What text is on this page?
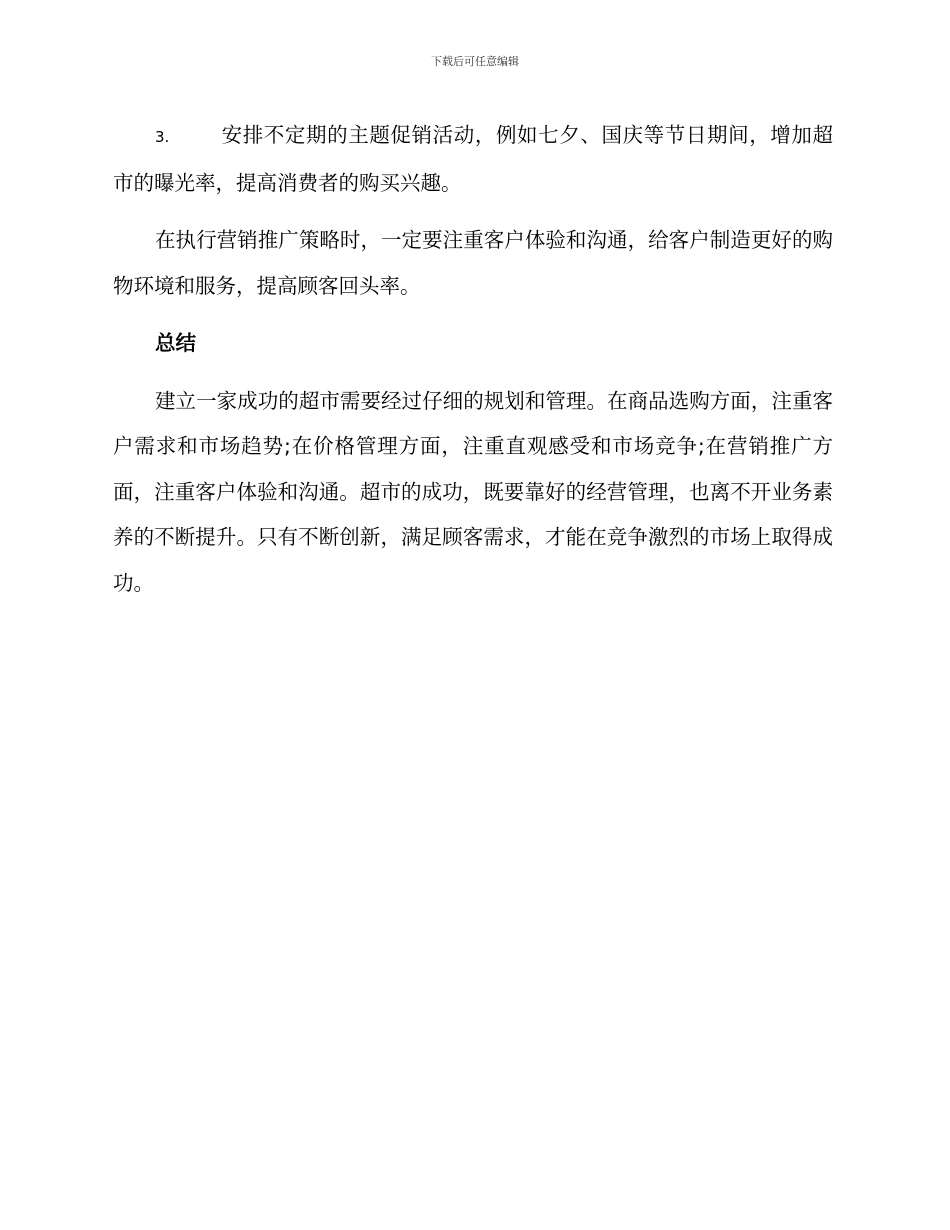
下载后可任意编辑

3.	安排不定期的主题促销活动，例如七夕、国庆等节日期间，增加超市的曝光率，提高消费者的购买兴趣。

在执行营销推广策略时，一定要注重客户体验和沟通，给客户制造更好的购物环境和服务，提高顾客回头率。

总结

建立一家成功的超市需要经过仔细的规划和管理。在商品选购方面，注重客户需求和市场趋势;在价格管理方面，注重直观感受和市场竞争;在营销推广方面，注重客户体验和沟通。超市的成功，既要靠好的经营管理，也离不开业务素养的不断提升。只有不断创新，满足顾客需求，才能在竞争激烈的市场上取得成功。
